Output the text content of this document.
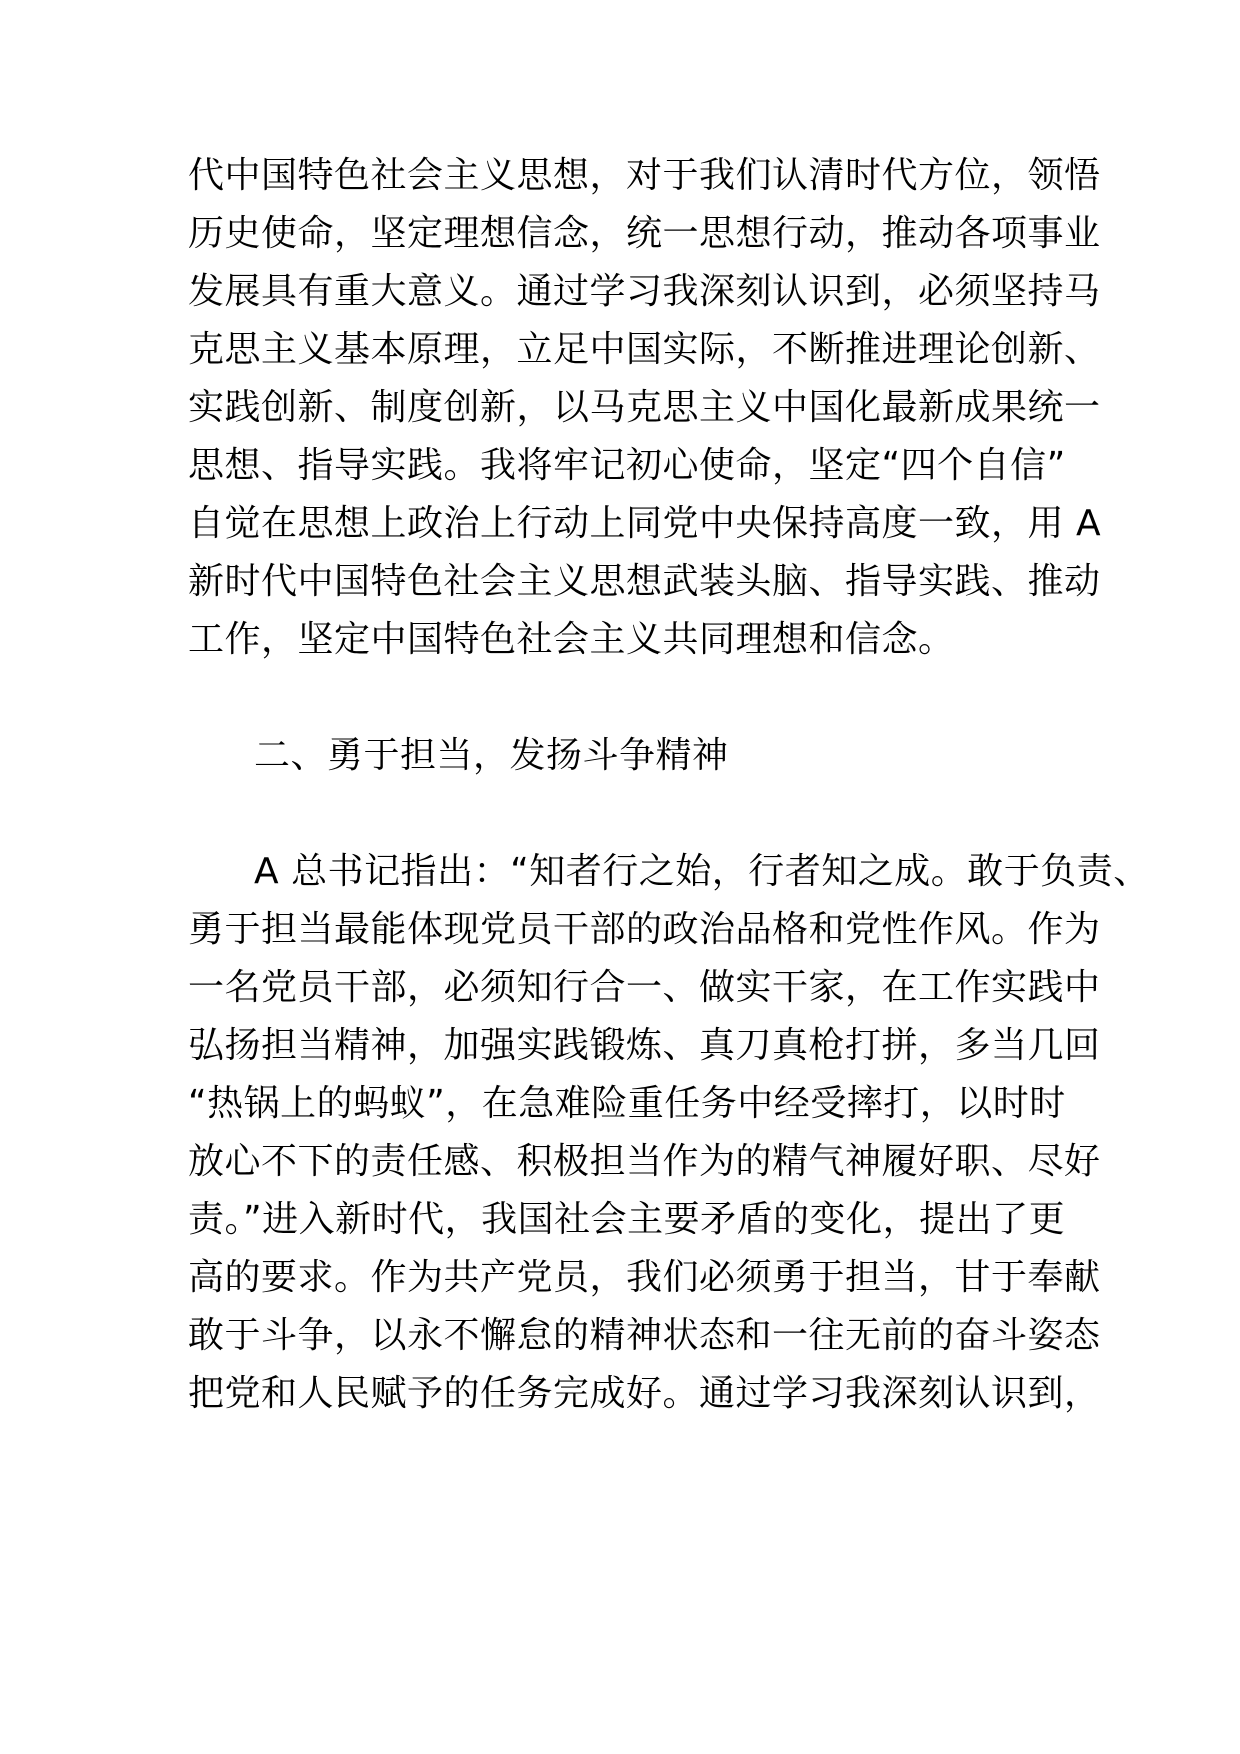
代中国特色社会主义思想，对于我们认清时代方位，领悟
历史使命，坚定理想信念，统一思想行动，推动各项事业
发展具有重大意义。通过学习我深刻认识到，必须坚持马
克思主义基本原理，立足中国实际，不断推进理论创新、
实践创新、制度创新，以马克思主义中国化最新成果统一
思想、指导实践。我将牢记初心使命，坚定“四个自信”
自觉在思想上政治上行动上同党中央保持高度一致，用 A
新时代中国特色社会主义思想武装头脑、指导实践、推动
工作，坚定中国特色社会主义共同理想和信念。
二、勇于担当，发扬斗争精神
A 总书记指出：“知者行之始，行者知之成。敢于负责、
勇于担当最能体现党员干部的政治品格和党性作风。作为
一名党员干部，必须知行合一、做实干家，在工作实践中
弘扬担当精神，加强实践锻炼、真刀真枪打拼，多当几回
“热锅上的蚂蚁”，在急难险重任务中经受摔打，以时时
放心不下的责任感、积极担当作为的精气神履好职、尽好
责。”进入新时代，我国社会主要矛盾的变化，提出了更
高的要求。作为共产党员，我们必须勇于担当，甘于奉献
敢于斗争，以永不懈怠的精神状态和一往无前的奋斗姿态
把党和人民赋予的任务完成好。通过学习我深刻认识到，
